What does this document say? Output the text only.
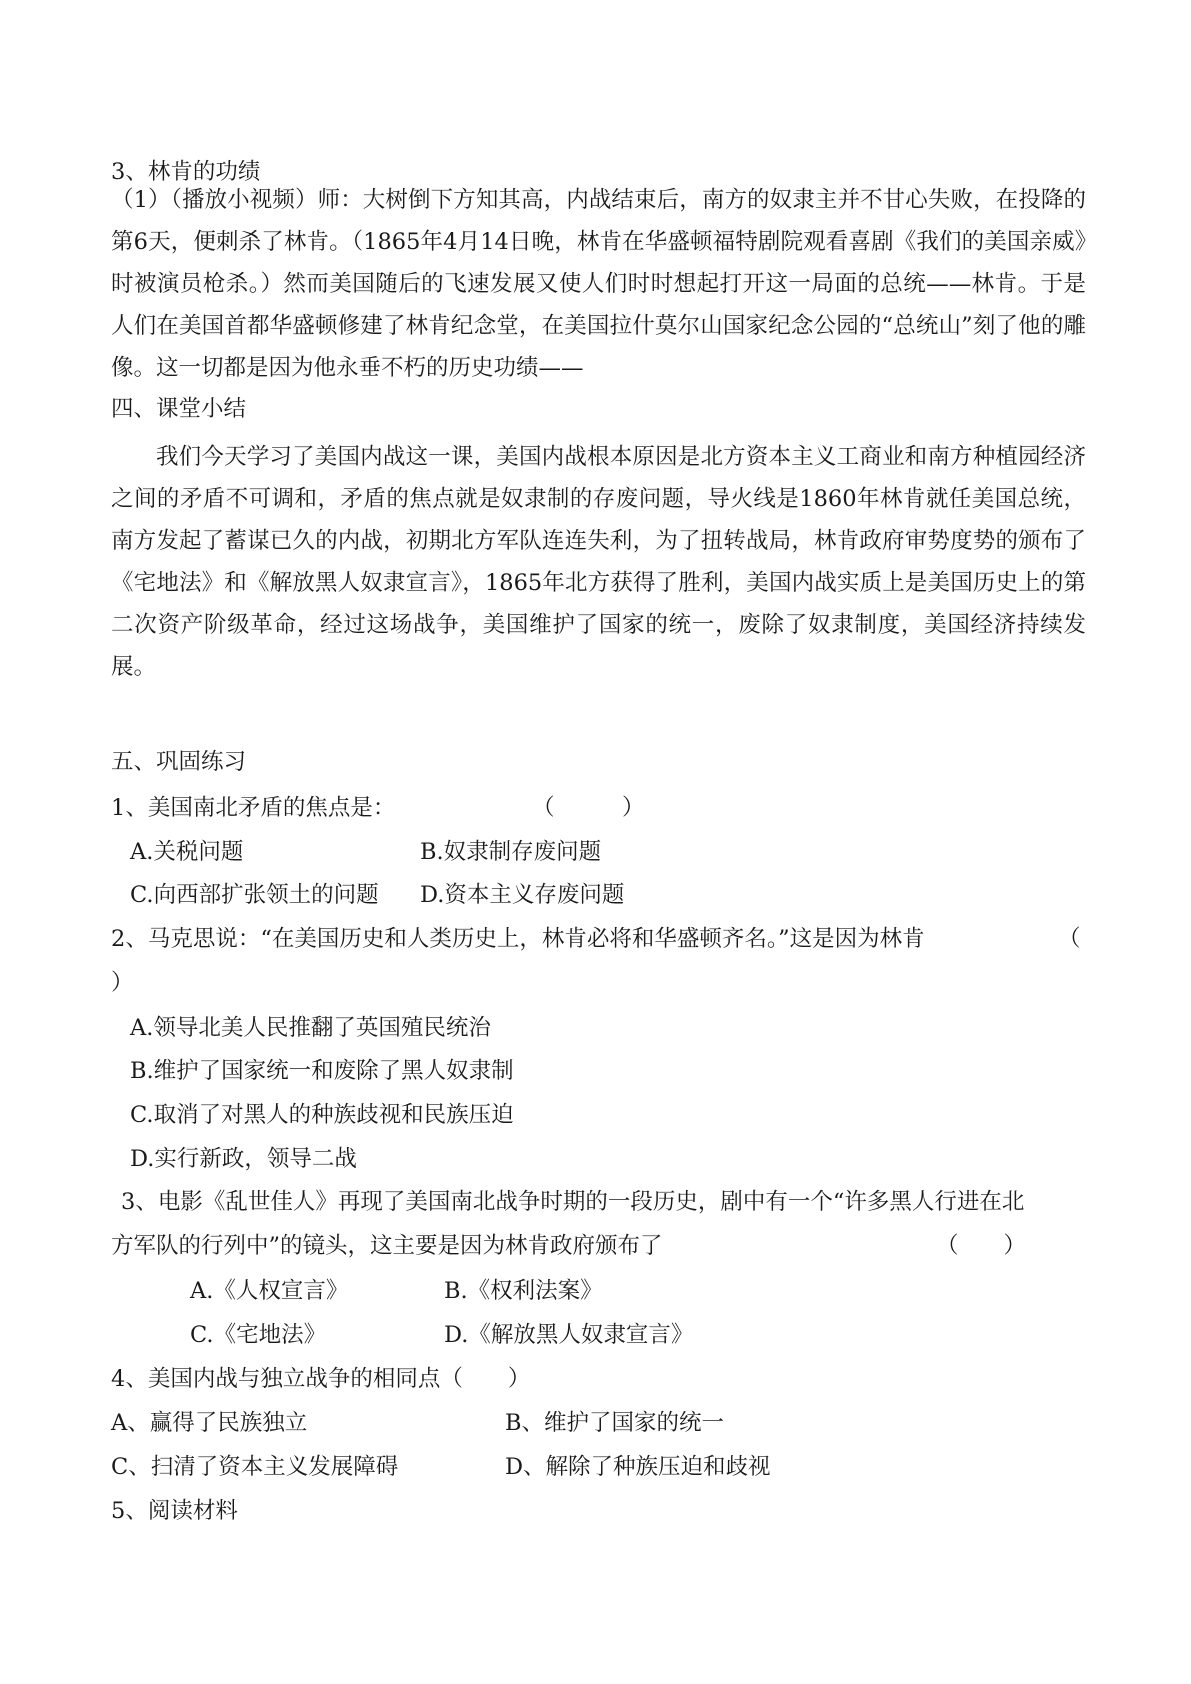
3、林肯的功绩
（1）（播放小视频）师：大树倒下方知其高，内战结束后，南方的奴隶主并不甘心失败，在投降的第6天，便刺杀了林肯。（1865年4月14日晚，林肯在华盛顿福特剧院观看喜剧《我们的美国亲威》时被演员枪杀。）然而美国随后的飞速发展又使人们时时想起打开这一局面的总统——林肯。于是人们在美国首都华盛顿修建了林肯纪念堂，在美国拉什莫尔山国家纪念公园的“总统山”刻了他的雕像。这一切都是因为他永垂不朽的历史功绩——
四、课堂小结
我们今天学习了美国内战这一课，美国内战根本原因是北方资本主义工商业和南方种植园经济之间的矛盾不可调和，矛盾的焦点就是奴隶制的存废问题，导火线是1860年林肯就任美国总统，南方发起了蓄谋已久的内战，初期北方军队连连失利，为了扭转战局，林肯政府审势度势的颁布了《宅地法》和《解放黑人奴隶宣言》，1865年北方获得了胜利，美国内战实质上是美国历史上的第二次资产阶级革命，经过这场战争，美国维护了国家的统一，废除了奴隶制度，美国经济持续发展。
五、巩固练习
1、美国南北矛盾的焦点是：	（　　　）
A.关税问题	B.奴隶制存废问题
C.向西部扩张领土的问题 D.资本主义存废问题
2、马克思说：“在美国历史和人类历史上，林肯必将和华盛顿齐名。”这是因为林肯	（
）
A.领导北美人民推翻了英国殖民统治
B.维护了国家统一和废除了黑人奴隶制
C.取消了对黑人的种族歧视和民族压迫
D.实行新政，领导二战
3、电影《乱世佳人》再现了美国南北战争时期的一段历史，剧中有一个“许多黑人行进在北
方军队的行列中”的镜头，这主要是因为林肯政府颁布了	（　　）
A.《人权宣言》	B.《权利法案》
C.《宅地法》	D.《解放黑人奴隶宣言》
4、美国内战与独立战争的相同点（　　）
A、赢得了民族独立	B、维护了国家的统一
C、扫清了资本主义发展障碍	D、解除了种族压迫和歧视
5、阅读材料
